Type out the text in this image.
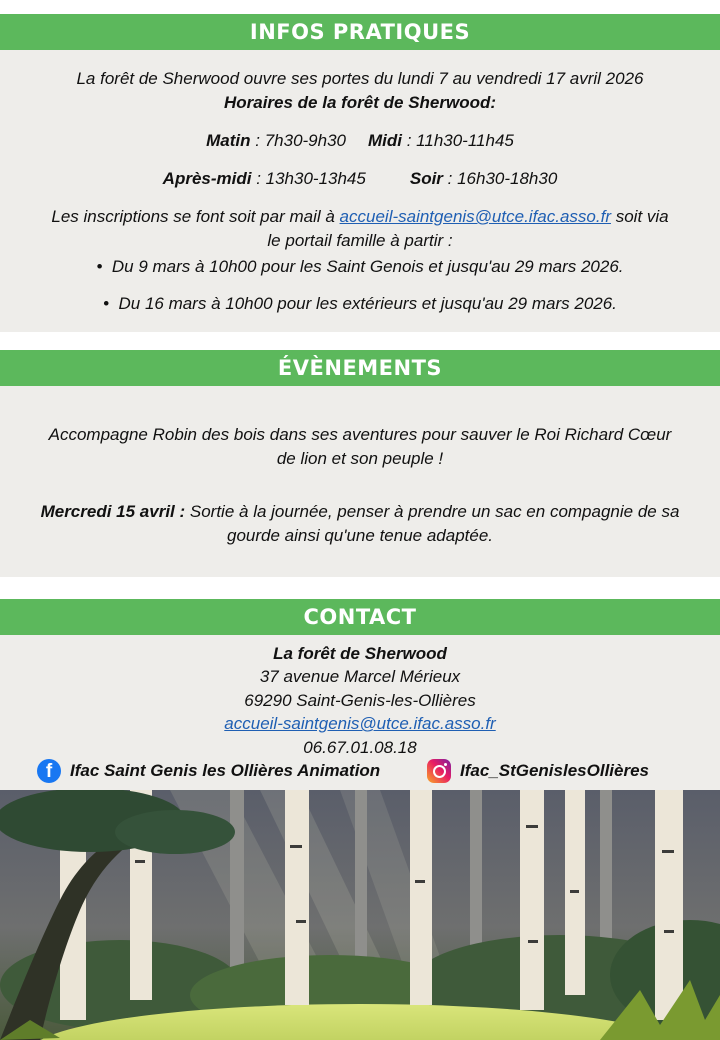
INFOS PRATIQUES
La forêt de Sherwood ouvre ses portes du lundi 7 au vendredi 17 avril 2026
Horaires de la forêt de Sherwood:
Matin : 7h30-9h30 Midi : 11h30-11h45
Après-midi : 13h30-13h45	Soir : 16h30-18h30
Les inscriptions se font soit par mail à accueil-saintgenis@utce.ifac.asso.fr soit via
le portail famille à partir :
•  Du 9 mars à 10h00 pour les Saint Genois et jusqu'au 29 mars 2026.
•  Du 16 mars à 10h00 pour les extérieurs et jusqu'au 29 mars 2026.
ÉVÈNEMENTS
Accompagne Robin des bois dans ses aventures pour sauver le Roi Richard Cœur
de lion et son peuple !
Mercredi 15 avril : Sortie à la journée, penser à prendre un sac en compagnie de sa
gourde ainsi qu'une tenue adaptée.
CONTACT
La forêt de Sherwood
37 avenue Marcel Mérieux
69290 Saint-Genis-les-Ollières
accueil-saintgenis@utce.ifac.asso.fr
06.67.01.08.18
f	Ifac Saint Genis les Ollières Animation	Ifac_StGenislesOllières
